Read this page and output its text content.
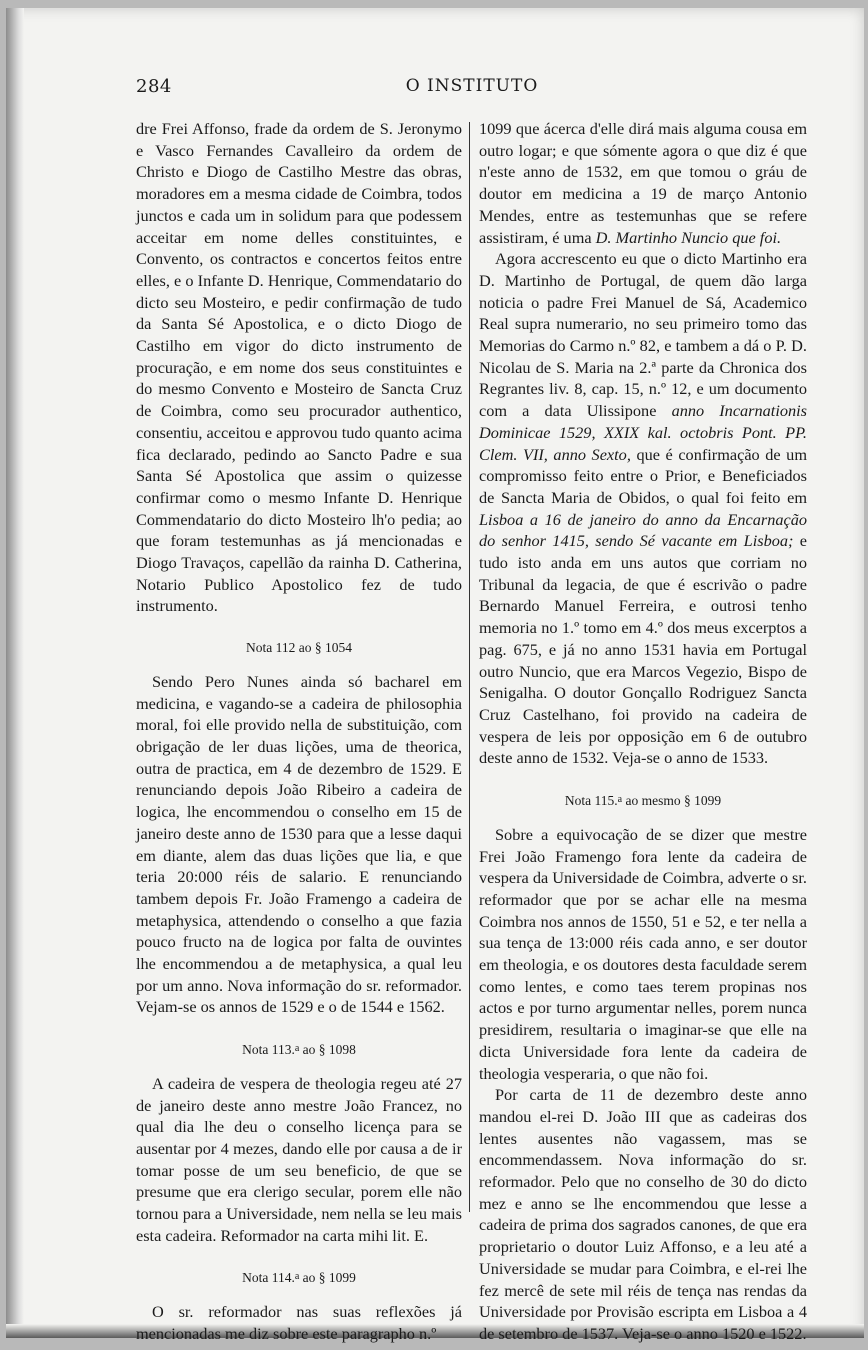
284	O INSTITUTO

dre Frei Affonso, frade da ordem de S. Jeronymo e Vasco Fernandes Cavalleiro da ordem de Christo e Diogo de Castilho Mestre das obras, moradores em a mesma cidade de Coimbra, todos junctos e cada um in solidum para que podessem acceitar em nome delles constituintes, e Convento, os contractos e concertos feitos entre elles, e o Infante D. Henrique, Commendatario do dicto seu Mosteiro, e pedir confirmação de tudo da Santa Sé Apostolica, e o dicto Diogo de Castilho em vigor do dicto instrumento de procuração, e em nome dos seus constituintes e do mesmo Convento e Mosteiro de Sancta Cruz de Coimbra, como seu procurador authentico, consentiu, acceitou e approvou tudo quanto acima fica declarado, pedindo ao Sancto Padre e sua Santa Sé Apostolica que assim o quizesse confirmar como o mesmo Infante D. Henrique Commendatario do dicto Mosteiro lh'o pedia; ao que foram testemunhas as já mencionadas e Diogo Travaços, capellão da rainha D. Catherina, Notario Publico Apostolico fez de tudo instrumento.

Nota 112 ao § 1054

Sendo Pero Nunes ainda só bacharel em medicina, e vagando-se a cadeira de philosophia moral, foi elle provido nella de substituição, com obrigação de ler duas lições, uma de theorica, outra de practica, em 4 de dezembro de 1529. E renunciando depois João Ribeiro a cadeira de logica, lhe encommendou o conselho em 15 de janeiro deste anno de 1530 para que a lesse daqui em diante, alem das duas lições que lia, e que teria 20:000 réis de salario. E renunciando tambem depois Fr. João Framengo a cadeira de metaphysica, attendendo o conselho a que fazia pouco fructo na de logica por falta de ouvintes lhe encommendou a de metaphysica, a qual leu por um anno. Nova informação do sr. reformador. Vejam-se os annos de 1529 e o de 1544 e 1562.

Nota 113.$^a$ ao § 1098

A cadeira de vespera de theologia regeu até 27 de janeiro deste anno mestre João Francez, no qual dia lhe deu o conselho licença para se ausentar por 4 mezes, dando elle por causa a de ir tomar posse de um seu beneficio, de que se presume que era clerigo secular, porem elle não tornou para a Universidade, nem nella se leu mais esta cadeira. Reformador na carta mihi lit. E.

Nota 114.$^a$ ao § 1099

O sr. reformador nas suas reflexões já mencionadas me diz sobre este paragrapho n.º

1099 que ácerca d'elle dirá mais alguma cousa em outro logar; e que sómente agora o que diz é que n'este anno de 1532, em que tomou o gráu de doutor em medicina a 19 de março Antonio Mendes, entre as testemunhas que se refere assistiram, é uma D. Martinho Nuncio que foi.

Agora accrescento eu que o dicto Martinho era D. Martinho de Portugal, de quem dão larga noticia o padre Frei Manuel de Sá, Academico Real supra numerario, no seu primeiro tomo das Memorias do Carmo n.º 82, e tambem a dá o P. D. Nicolau de S. Maria na 2.ª parte da Chronica dos Regrantes liv. 8, cap. 15, n.º 12, e um documento com a data Ulissipone anno Incarnationis Dominicae 1529, XXIX kal. octobris Pont. PP. Clem. VII, anno Sexto, que é confirmação de um compromisso feito entre o Prior, e Beneficiados de Sancta Maria de Obidos, o qual foi feito em Lisboa a 16 de janeiro do anno da Encarnação do senhor 1415, sendo Sé vacante em Lisboa; e tudo isto anda em uns autos que corriam no Tribunal da legacia, de que é escrivão o padre Bernardo Manuel Ferreira, e outrosi tenho memoria no 1.º tomo em 4.º dos meus excerptos a pag. 675, e já no anno 1531 havia em Portugal outro Nuncio, que era Marcos Vegezio, Bispo de Senigalha. O doutor Gonçallo Rodriguez Sancta Cruz Castelhano, foi provido na cadeira de vespera de leis por opposição em 6 de outubro deste anno de 1532. Veja-se o anno de 1533.

Nota 115.$^a$ ao mesmo § 1099

Sobre a equivocação de se dizer que mestre Frei João Framengo fora lente da cadeira de vespera da Universidade de Coimbra, adverte o sr. reformador que por se achar elle na mesma Coimbra nos annos de 1550, 51 e 52, e ter nella a sua tença de 13:000 réis cada anno, e ser doutor em theologia, e os doutores desta faculdade serem como lentes, e como taes terem propinas nos actos e por turno argumentar nelles, porem nunca presidirem, resultaria o imaginar-se que elle na dicta Universidade fora lente da cadeira de theologia vesperaria, o que não foi.

Por carta de 11 de dezembro deste anno mandou el-rei D. João III que as cadeiras dos lentes ausentes não vagassem, mas se encommendassem. Nova informação do sr. reformador. Pelo que no conselho de 30 do dicto mez e anno se lhe encommendou que lesse a cadeira de prima dos sagrados canones, de que era proprietario o doutor Luiz Affonso, e a leu até a Universidade se mudar para Coimbra, e el-rei lhe fez mercê de sete mil réis de tença nas rendas da Universidade por Provisão escripta em Lisboa a 4 de setembro de 1537. Veja-se o anno 1520 e 1522.
